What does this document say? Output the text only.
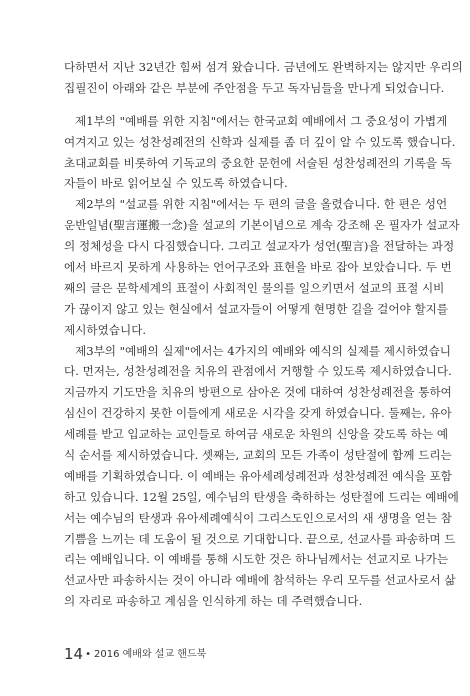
다하면서 지난 32년간 힘써 섬겨 왔습니다. 금년에도 완벽하지는 않지만 우리의
집필진이 아래와 같은 부분에 주안점을 두고 독자님들을 만나게 되었습니다.
제1부의 "예배를 위한 지침"에서는 한국교회 예배에서 그 중요성이 가볍게
여겨지고 있는 성찬성례전의 신학과 실제를 좀 더 깊이 알 수 있도록 했습니다.
초대교회를 비롯하여 기독교의 중요한 문헌에 서술된 성찬성례전의 기록을 독
자들이 바로 읽어보실 수 있도록 하였습니다.
제2부의 "설교를 위한 지침"에서는 두 편의 글을 올렸습니다. 한 편은 성언
운반일념(聖言運搬一念)을 설교의 기본이념으로 계속 강조해 온 필자가 설교자
의 정체성을 다시 다짐했습니다. 그리고 설교자가 성언(聖言)을 전달하는 과정
에서 바르지 못하게 사용하는 언어구조와 표현을 바로 잡아 보았습니다. 두 번
째의 글은 문학세계의 표절이 사회적인 물의를 일으키면서 설교의 표절 시비
가 끊이지 않고 있는 현실에서 설교자들이 어떻게 현명한 길을 걸어야 할지를
제시하였습니다.
제3부의 "예배의 실제"에서는 4가지의 예배와 예식의 실제를 제시하였습니
다. 먼저는, 성찬성례전을 치유의 관점에서 거행할 수 있도록 제시하였습니다.
지금까지 기도만을 치유의 방편으로 삼아온 것에 대하여 성찬성례전을 통하여
심신이 건강하지 못한 이들에게 새로운 시각을 갖게 하였습니다. 둘째는, 유아
세례를 받고 입교하는 교인들로 하여금 새로운 차원의 신앙을 갖도록 하는 예
식 순서를 제시하였습니다. 셋째는, 교회의 모든 가족이 성탄절에 함께 드리는
예배를 기획하였습니다. 이 예배는 유아세례성례전과 성찬성례전 예식을 포함
하고 있습니다. 12월 25일, 예수님의 탄생을 축하하는 성탄절에 드리는 예배에
서는 예수님의 탄생과 유아세례예식이 그리스도인으로서의 새 생명을 얻는 참
기쁨을 느끼는 데 도움이 될 것으로 기대합니다. 끝으로, 선교사를 파송하며 드
리는 예배입니다. 이 예배를 통해 시도한 것은 하나님께서는 선교지로 나가는
선교사만 파송하시는 것이 아니라 예배에 참석하는 우리 모두를 선교사로서 삶
의 자리로 파송하고 계심을 인식하게 하는 데 주력했습니다.
14 • 2016 예배와 설교 핸드북
